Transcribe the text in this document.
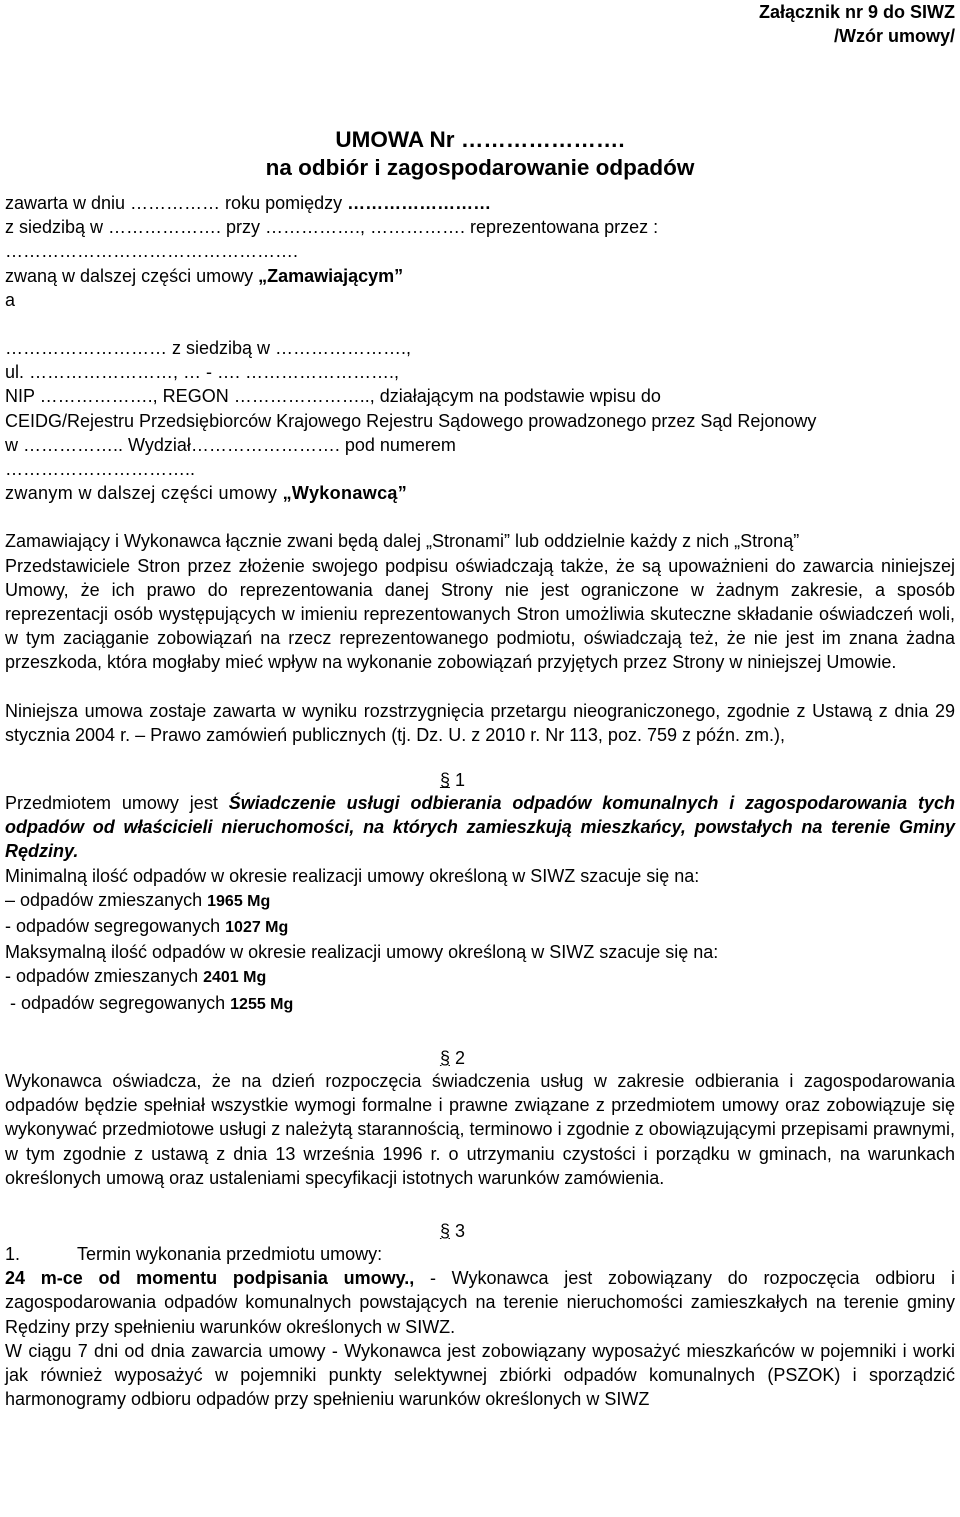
Załącznik nr 9 do SIWZ
/Wzór umowy/
UMOWA Nr ………………….
na odbiór i zagospodarowanie odpadów
zawarta w dniu …………… roku pomiędzy ……………………
z siedzibą w ………………. przy ……………., ……………. reprezentowana przez :
………………………………………….
zwaną w dalszej części umowy „Zamawiającym”
a
……………………… z siedzibą w ………………….,
ul. ……………………, … - …. …………………….,
NIP ………………., REGON ………………….., działającym na podstawie wpisu do
CEIDG/Rejestru Przedsiębiorców Krajowego Rejestru Sądowego prowadzonego przez Sąd Rejonowy
w …………….. Wydział……………………. pod numerem
…………………………..
zwanym w dalszej części umowy „Wykonawcą”
Zamawiający i Wykonawca łącznie zwani będą dalej „Stronami” lub oddzielnie każdy z nich „Stroną”
Przedstawiciele Stron przez złożenie swojego podpisu oświadczają także, że są upoważnieni do zawarcia niniejszej Umowy, że ich prawo do reprezentowania danej Strony nie jest ograniczone w żadnym zakresie, a sposób reprezentacji osób występujących w imieniu reprezentowanych Stron umożliwia skuteczne składanie oświadczeń woli, w tym zaciąganie zobowiązań na rzecz reprezentowanego podmiotu, oświadczają też, że nie jest im znana żadna przeszkoda, która mogłaby mieć wpływ na wykonanie zobowiązań przyjętych przez Strony w niniejszej Umowie.
Niniejsza umowa zostaje zawarta w wyniku rozstrzygnięcia przetargu nieograniczonego, zgodnie z Ustawą z dnia 29 stycznia 2004 r. – Prawo zamówień publicznych (tj. Dz. U. z 2010 r. Nr 113, poz. 759 z późn. zm.),
§ 1
Przedmiotem umowy jest Świadczenie usługi odbierania odpadów komunalnych i zagospodarowania tych odpadów od właścicieli nieruchomości, na których zamieszkują mieszkańcy, powstałych na terenie Gminy Rędziny.
Minimalną ilość odpadów w okresie realizacji umowy określoną w SIWZ szacuje się na:
– odpadów zmieszanych 1965 Mg
- odpadów segregowanych 1027 Mg
Maksymalną ilość odpadów w okresie realizacji umowy określoną w SIWZ szacuje się na:
- odpadów zmieszanych 2401 Mg
- odpadów segregowanych 1255 Mg
§ 2
Wykonawca oświadcza, że na dzień rozpoczęcia świadczenia usług w zakresie odbierania i zagospodarowania odpadów będzie spełniał wszystkie wymogi formalne i prawne związane z przedmiotem umowy oraz zobowiązuje się wykonywać przedmiotowe usługi z należytą starannością, terminowo i zgodnie z obowiązującymi przepisami prawnymi, w tym zgodnie z ustawą z dnia 13 września 1996 r. o utrzymaniu czystości i porządku w gminach, na warunkach określonych umową oraz ustaleniami specyfikacji istotnych warunków zamówienia.
§ 3
1.	Termin wykonania przedmiotu umowy:
24 m-ce od momentu podpisania umowy., - Wykonawca jest zobowiązany do rozpoczęcia odbioru i zagospodarowania odpadów komunalnych powstających na terenie nieruchomości zamieszkałych na terenie gminy Rędziny przy spełnieniu warunków określonych w SIWZ.
W ciągu 7 dni od dnia zawarcia umowy - Wykonawca jest zobowiązany wyposażyć mieszkańców w pojemniki i worki jak również wyposażyć w pojemniki punkty selektywnej zbiórki odpadów komunalnych (PSZOK) i sporządzić harmonogramy odbioru odpadów przy spełnieniu warunków określonych w SIWZ
